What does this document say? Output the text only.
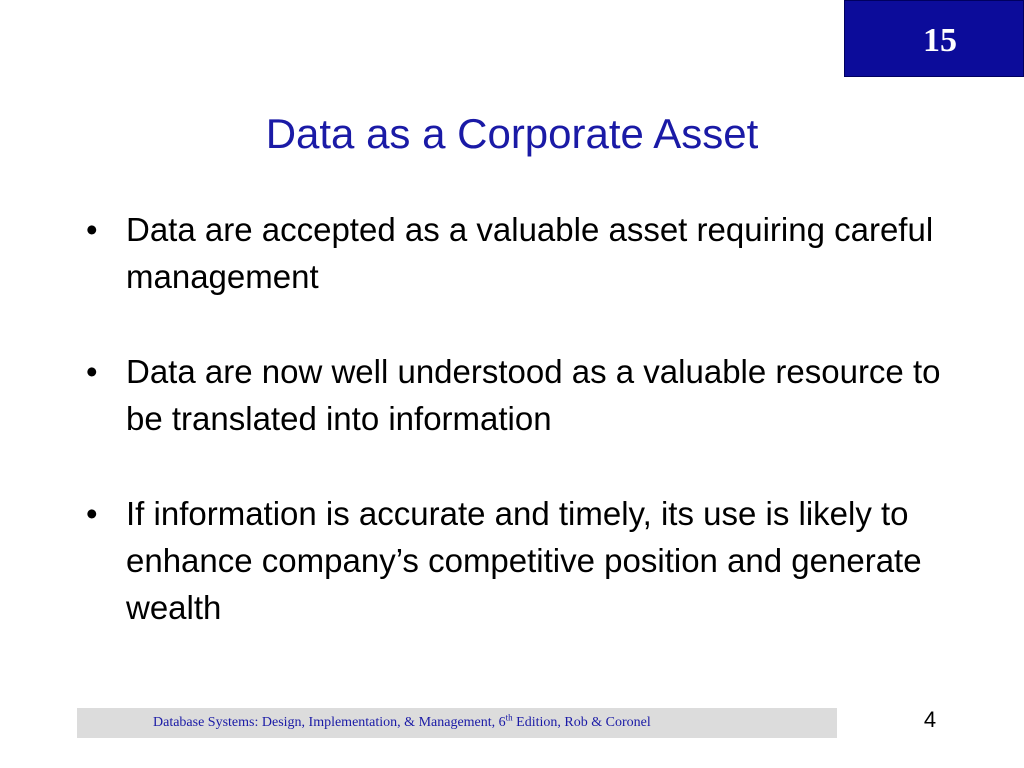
15
Data as a Corporate Asset
• Data are accepted as a valuable asset requiring careful management
• Data are now well understood as a valuable resource to be translated into information
• If information is accurate and timely, its use is likely to enhance company’s competitive position and generate wealth
Database Systems: Design, Implementation, & Management, 6th Edition, Rob & Coronel	4
